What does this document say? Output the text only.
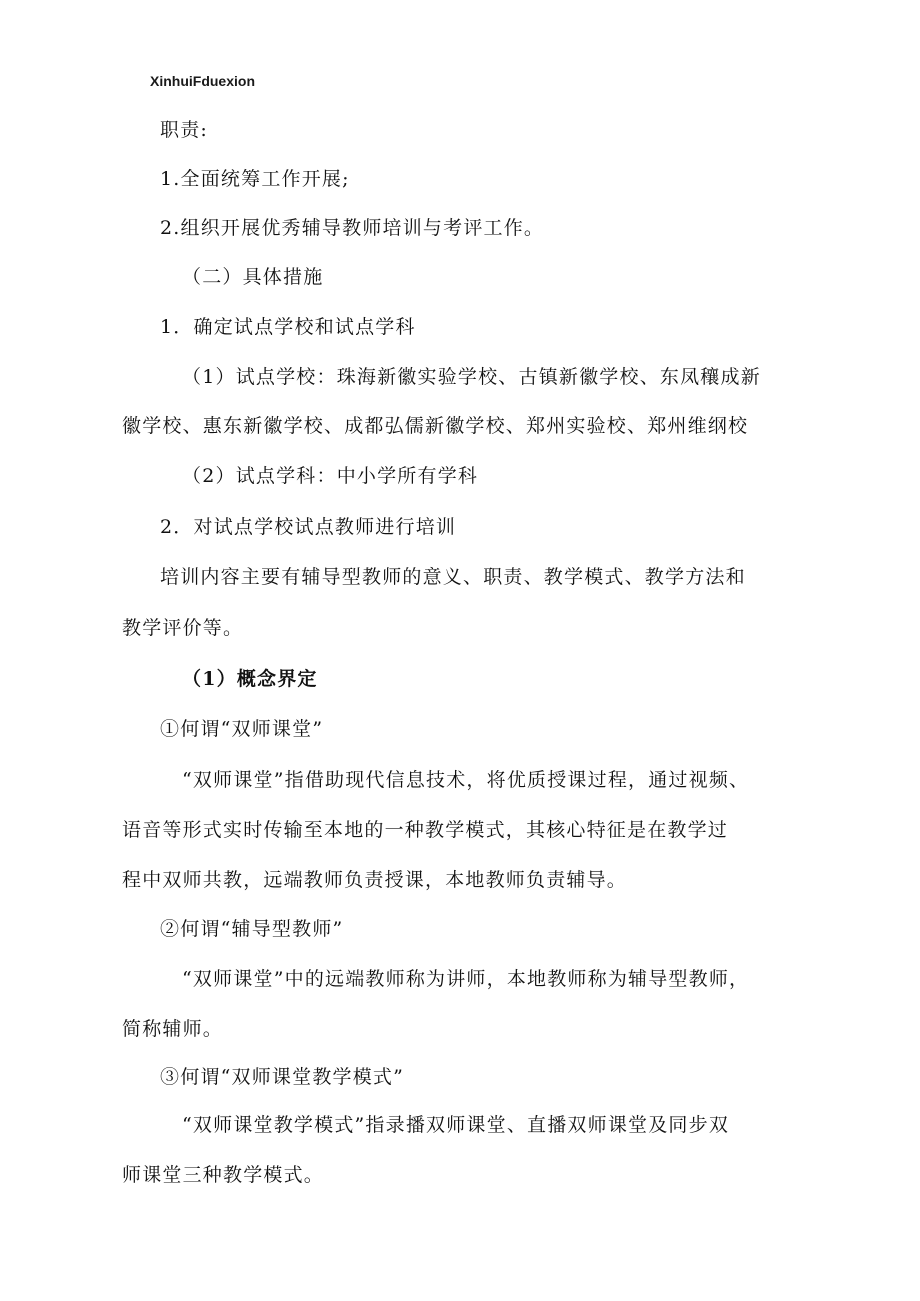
XinhuiFduexion
职责:
1.全面统筹工作开展;
2.组织开展优秀辅导教师培训与考评工作。
（二）具体措施
1．确定试点学校和试点学科
（1）试点学校：珠海新徽实验学校、古镇新徽学校、东凤穰成新
徽学校、惠东新徽学校、成都弘儒新徽学校、郑州实验校、郑州维纲校
（2）试点学科：中小学所有学科
2．对试点学校试点教师进行培训
培训内容主要有辅导型教师的意义、职责、教学模式、教学方法和
教学评价等。
（1）概念界定
①何谓“双师课堂”
“双师课堂”指借助现代信息技术，将优质授课过程，通过视频、
语音等形式实时传输至本地的一种教学模式，其核心特征是在教学过
程中双师共教，远端教师负责授课，本地教师负责辅导。
②何谓“辅导型教师”
“双师课堂”中的远端教师称为讲师，本地教师称为辅导型教师，
简称辅师。
③何谓“双师课堂教学模式”
“双师课堂教学模式”指录播双师课堂、直播双师课堂及同步双
师课堂三种教学模式。
